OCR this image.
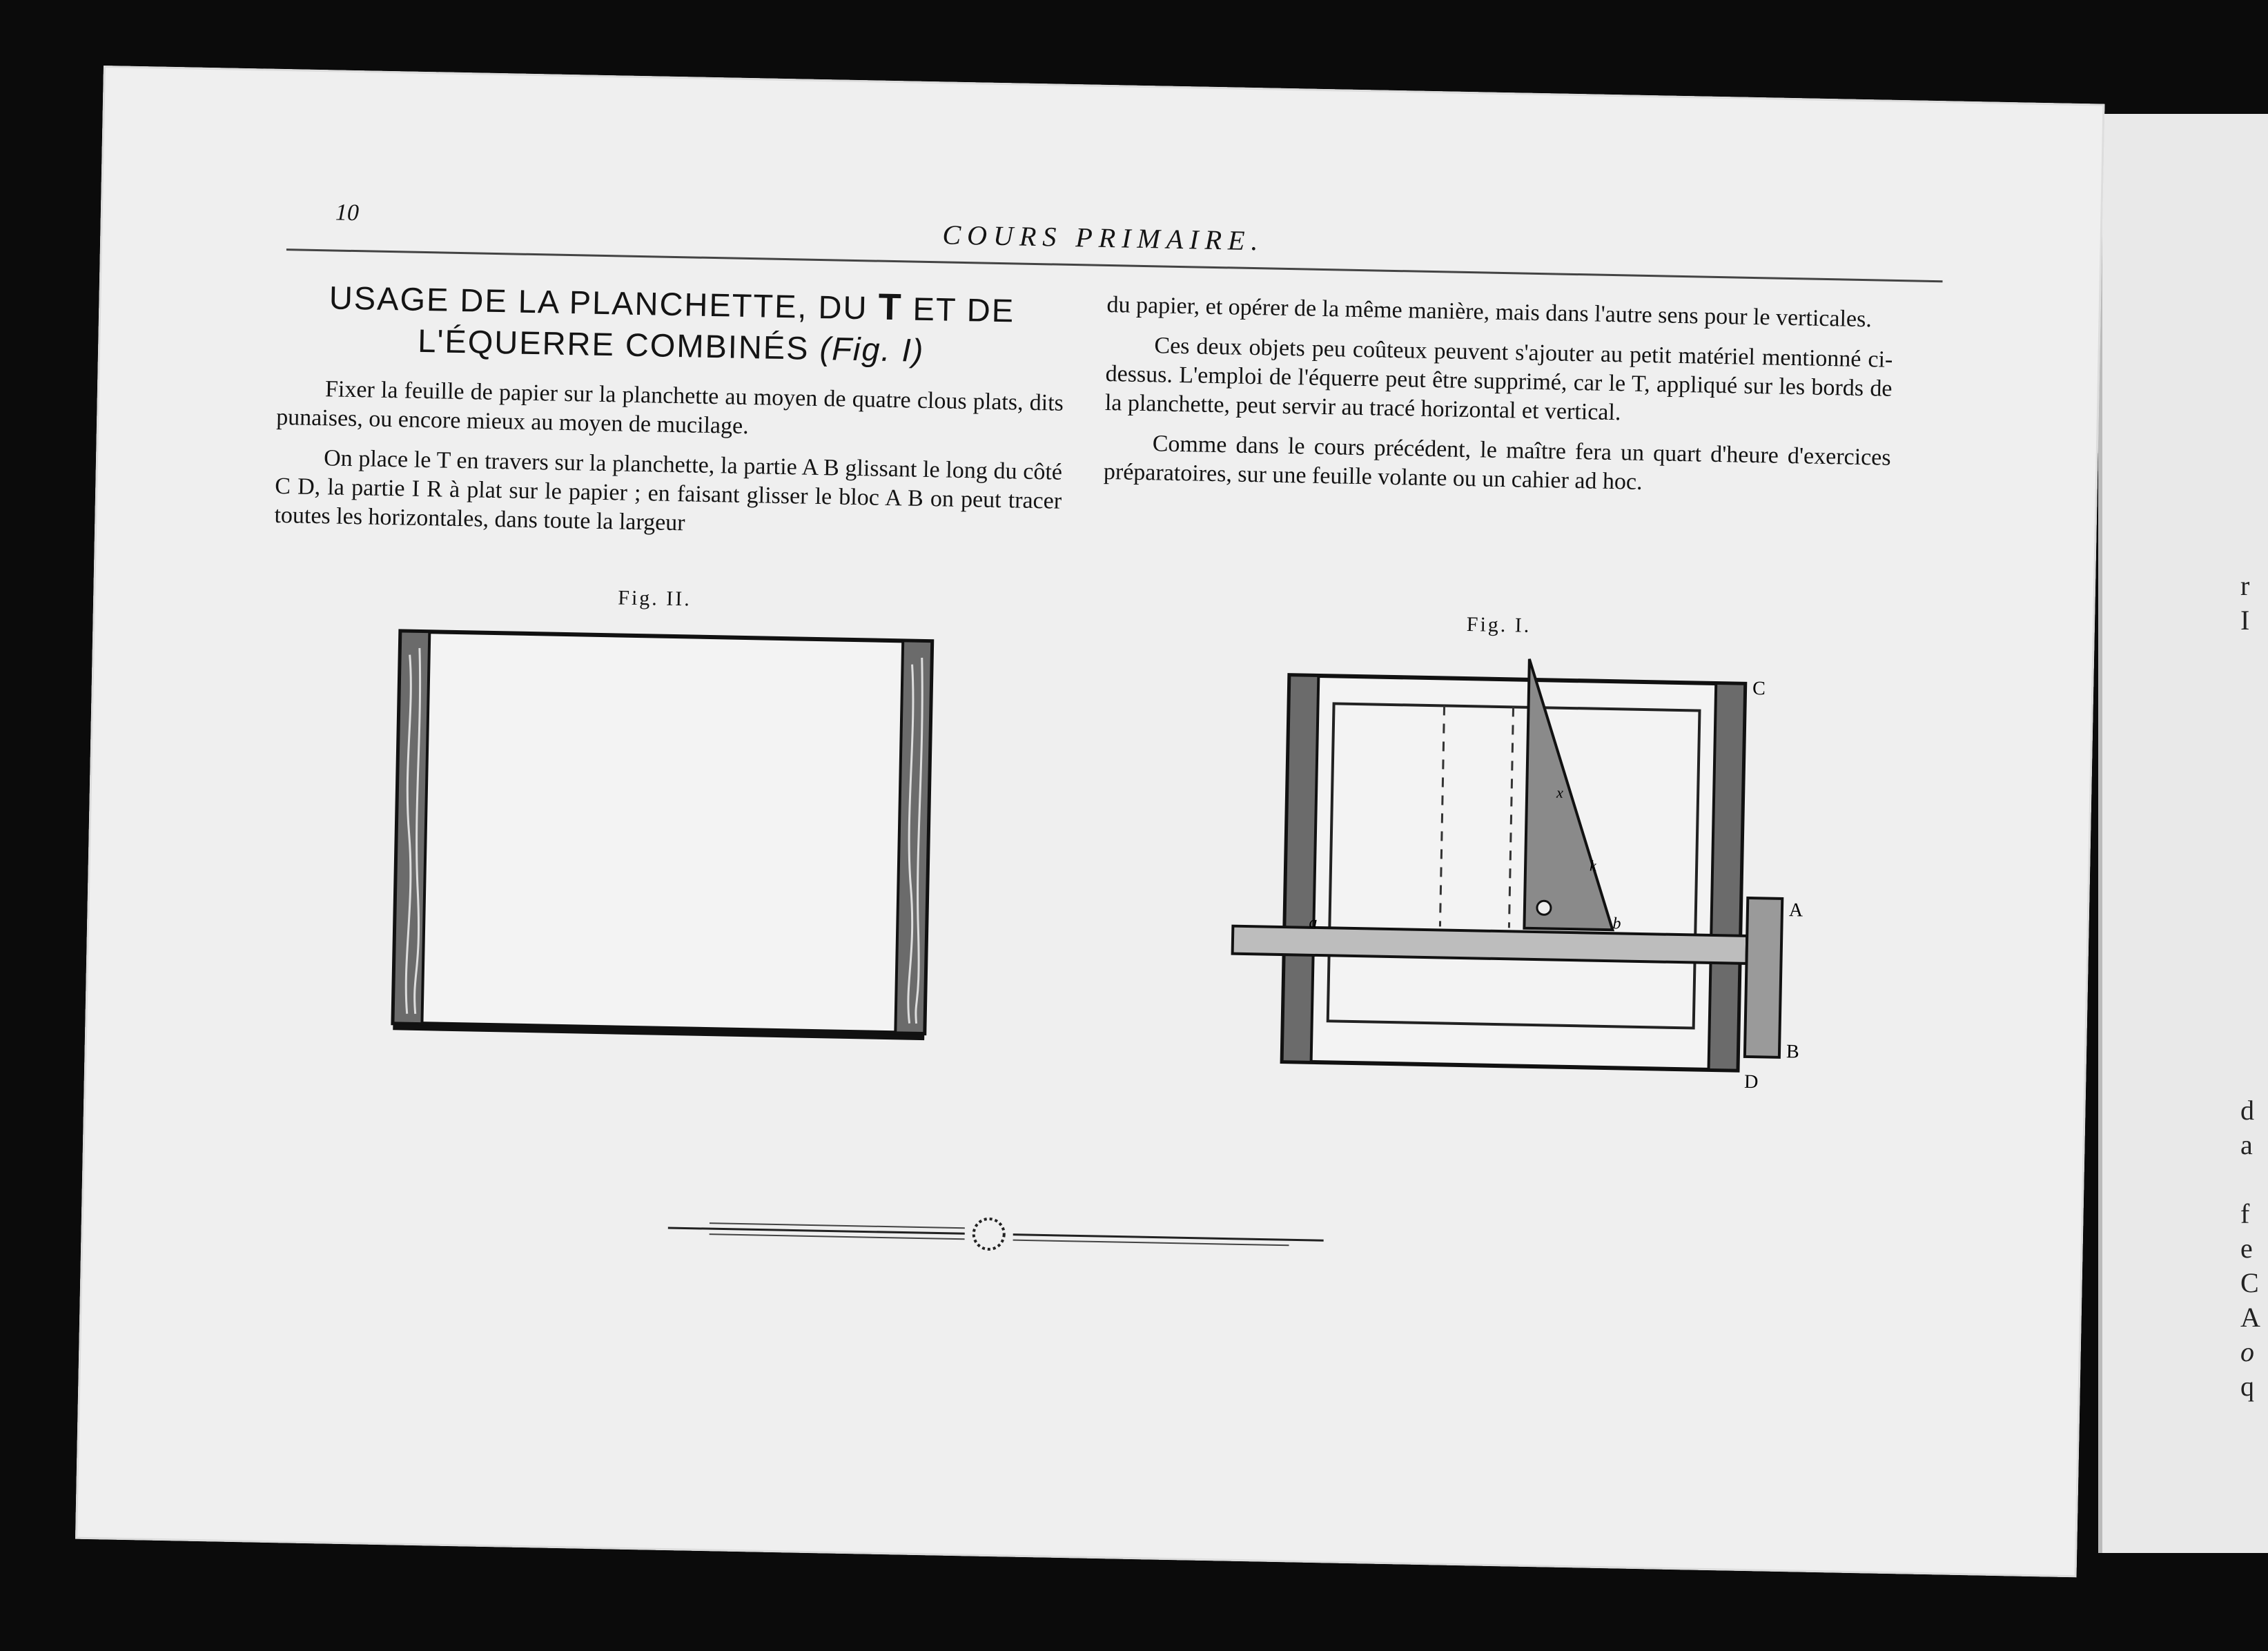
r
I
d
a
f
e
C
A
o
q
10
COURS PRIMAIRE.
USAGE DE LA PLANCHETTE, DU T ET DE
L'ÉQUERRE COMBINÉS (Fig. I)

Fixer la feuille de papier sur la planchette au moyen de quatre clous plats, dits punaises, ou encore mieux au moyen de mucilage.

On place le T en travers sur la planchette, la partie A B glissant le long du côté C D, la partie I R à plat sur le papier ; en faisant glisser le bloc A B on peut tracer toutes les horizontales, dans toute la largeur

du papier, et opérer de la même manière, mais dans l'autre sens pour le verticales.

Ces deux objets peu coûteux peuvent s'ajouter au petit matériel mentionné ci-dessus. L'emploi de l'équerre peut être supprimé, car le T, appliqué sur les bords de la planchette, peut servir au tracé horizontal et vertical.

Comme dans le cours précédent, le maître fera un quart d'heure d'exercices préparatoires, sur une feuille volante ou un cahier ad hoc.

Fig. II.
Fig. I.
C
A
B
D
a	b
k
x
